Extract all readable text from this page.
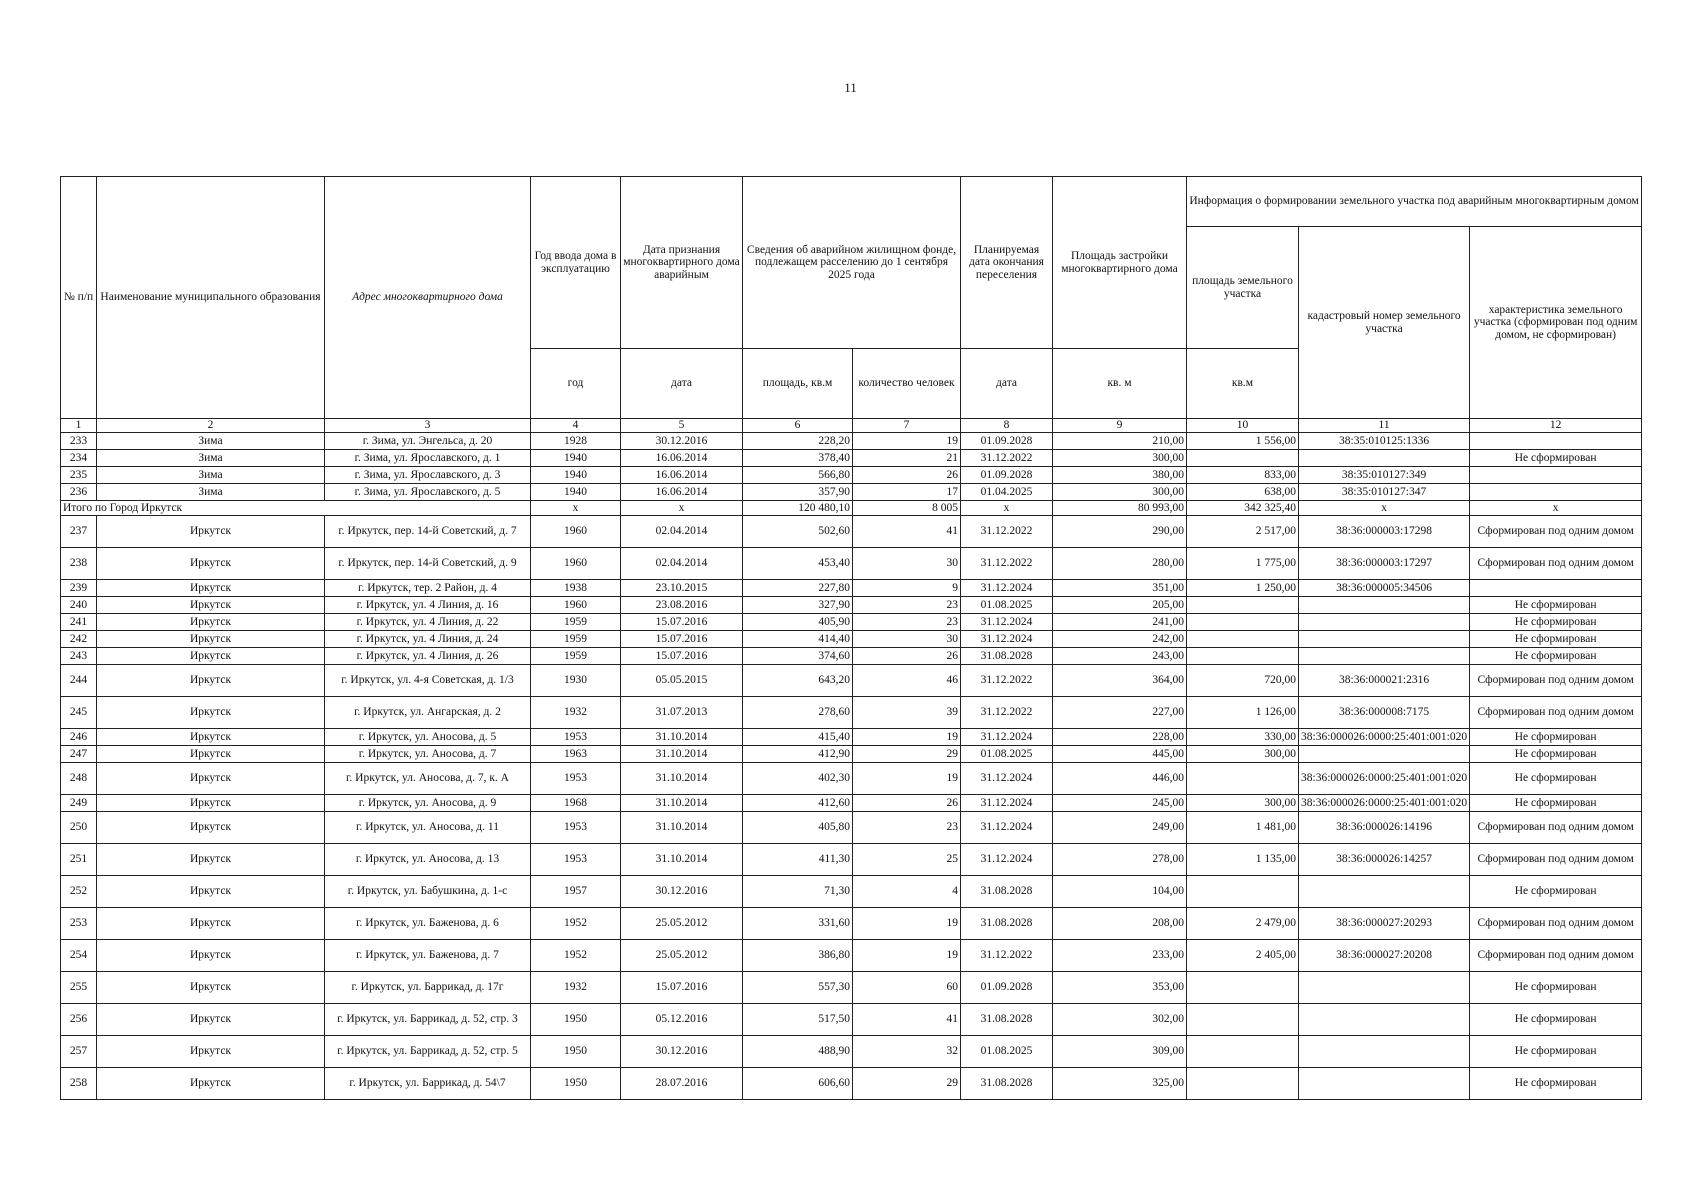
11
№ п/п	Наименование муниципального образования	Адрес многоквартирного дома	Год ввода дома в эксплуатацию	Дата признания многоквартирного дома аварийным	Сведения об аварийном жилищном фонде, подлежащем расселению до 1 сентября 2025 года		Планируемая дата окончания переселения	Площадь застройки многоквартирного дома	Информация о формировании земельного участка под аварийным многоквартирным домом		
									площадь земельного участка	кадастровый номер земельного участка	характеристика земельного участка (сформирован под одним домом, не сформирован)
			год	дата	площадь, кв.м	количество человек	дата	кв. м	кв.м		
1	2	3	4	5	6	7	8	9	10	11	12
233	Зима	г. Зима, ул. Энгельса, д. 20	1928	30.12.2016	228,20	19	01.09.2028	210,00	1 556,00	38:35:010125:1336	
234	Зима	г. Зима, ул. Ярославского, д. 1	1940	16.06.2014	378,40	21	31.12.2022	300,00			Не сформирован
235	Зима	г. Зима, ул. Ярославского, д. 3	1940	16.06.2014	566,80	26	01.09.2028	380,00	833,00	38:35:010127:349	
236	Зима	г. Зима, ул. Ярославского, д. 5	1940	16.06.2014	357,90	17	01.04.2025	300,00	638,00	38:35:010127:347	
Итого по Город Иркутск			x	x	120 480,10	8 005	x	80 993,00	342 325,40	x	x
237	Иркутск	г. Иркутск, пер. 14-й Советский, д. 7	1960	02.04.2014	502,60	41	31.12.2022	290,00	2 517,00	38:36:000003:17298	Сформирован под одним домом
238	Иркутск	г. Иркутск, пер. 14-й Советский, д. 9	1960	02.04.2014	453,40	30	31.12.2022	280,00	1 775,00	38:36:000003:17297	Сформирован под одним домом
239	Иркутск	г. Иркутск, тер. 2 Район, д. 4	1938	23.10.2015	227,80	9	31.12.2024	351,00	1 250,00	38:36:000005:34506	
240	Иркутск	г. Иркутск, ул. 4 Линия, д. 16	1960	23.08.2016	327,90	23	01.08.2025	205,00			Не сформирован
241	Иркутск	г. Иркутск, ул. 4 Линия, д. 22	1959	15.07.2016	405,90	23	31.12.2024	241,00			Не сформирован
242	Иркутск	г. Иркутск, ул. 4 Линия, д. 24	1959	15.07.2016	414,40	30	31.12.2024	242,00			Не сформирован
243	Иркутск	г. Иркутск, ул. 4 Линия, д. 26	1959	15.07.2016	374,60	26	31.08.2028	243,00			Не сформирован
244	Иркутск	г. Иркутск, ул. 4-я Советская, д. 1/3	1930	05.05.2015	643,20	46	31.12.2022	364,00	720,00	38:36:000021:2316	Сформирован под одним домом
245	Иркутск	г. Иркутск, ул. Ангарская, д. 2	1932	31.07.2013	278,60	39	31.12.2022	227,00	1 126,00	38:36:000008:7175	Сформирован под одним домом
246	Иркутск	г. Иркутск, ул. Аносова, д. 5	1953	31.10.2014	415,40	19	31.12.2024	228,00	330,00	38:36:000026:0000:25:401:001:020	Не сформирован
247	Иркутск	г. Иркутск, ул. Аносова, д. 7	1963	31.10.2014	412,90	29	01.08.2025	445,00	300,00		Не сформирован
248	Иркутск	г. Иркутск, ул. Аносова, д. 7, к. А	1953	31.10.2014	402,30	19	31.12.2024	446,00		38:36:000026:0000:25:401:001:020	Не сформирован
249	Иркутск	г. Иркутск, ул. Аносова, д. 9	1968	31.10.2014	412,60	26	31.12.2024	245,00	300,00	38:36:000026:0000:25:401:001:020	Не сформирован
250	Иркутск	г. Иркутск, ул. Аносова, д. 11	1953	31.10.2014	405,80	23	31.12.2024	249,00	1 481,00	38:36:000026:14196	Сформирован под одним домом
251	Иркутск	г. Иркутск, ул. Аносова, д. 13	1953	31.10.2014	411,30	25	31.12.2024	278,00	1 135,00	38:36:000026:14257	Сформирован под одним домом
252	Иркутск	г. Иркутск, ул. Бабушкина, д. 1-с	1957	30.12.2016	71,30	4	31.08.2028	104,00			Не сформирован
253	Иркутск	г. Иркутск, ул. Баженова, д. 6	1952	25.05.2012	331,60	19	31.08.2028	208,00	2 479,00	38:36:000027:20293	Сформирован под одним домом
254	Иркутск	г. Иркутск, ул. Баженова, д. 7	1952	25.05.2012	386,80	19	31.12.2022	233,00	2 405,00	38:36:000027:20208	Сформирован под одним домом
255	Иркутск	г. Иркутск, ул. Баррикад, д. 17г	1932	15.07.2016	557,30	60	01.09.2028	353,00			Не сформирован
256	Иркутск	г. Иркутск, ул. Баррикад, д. 52, стр. 3	1950	05.12.2016	517,50	41	31.08.2028	302,00			Не сформирован
257	Иркутск	г. Иркутск, ул. Баррикад, д. 52, стр. 5	1950	30.12.2016	488,90	32	01.08.2025	309,00			Не сформирован
258	Иркутск	г. Иркутск, ул. Баррикад, д. 54\7	1950	28.07.2016	606,60	29	31.08.2028	325,00			Не сформирован
